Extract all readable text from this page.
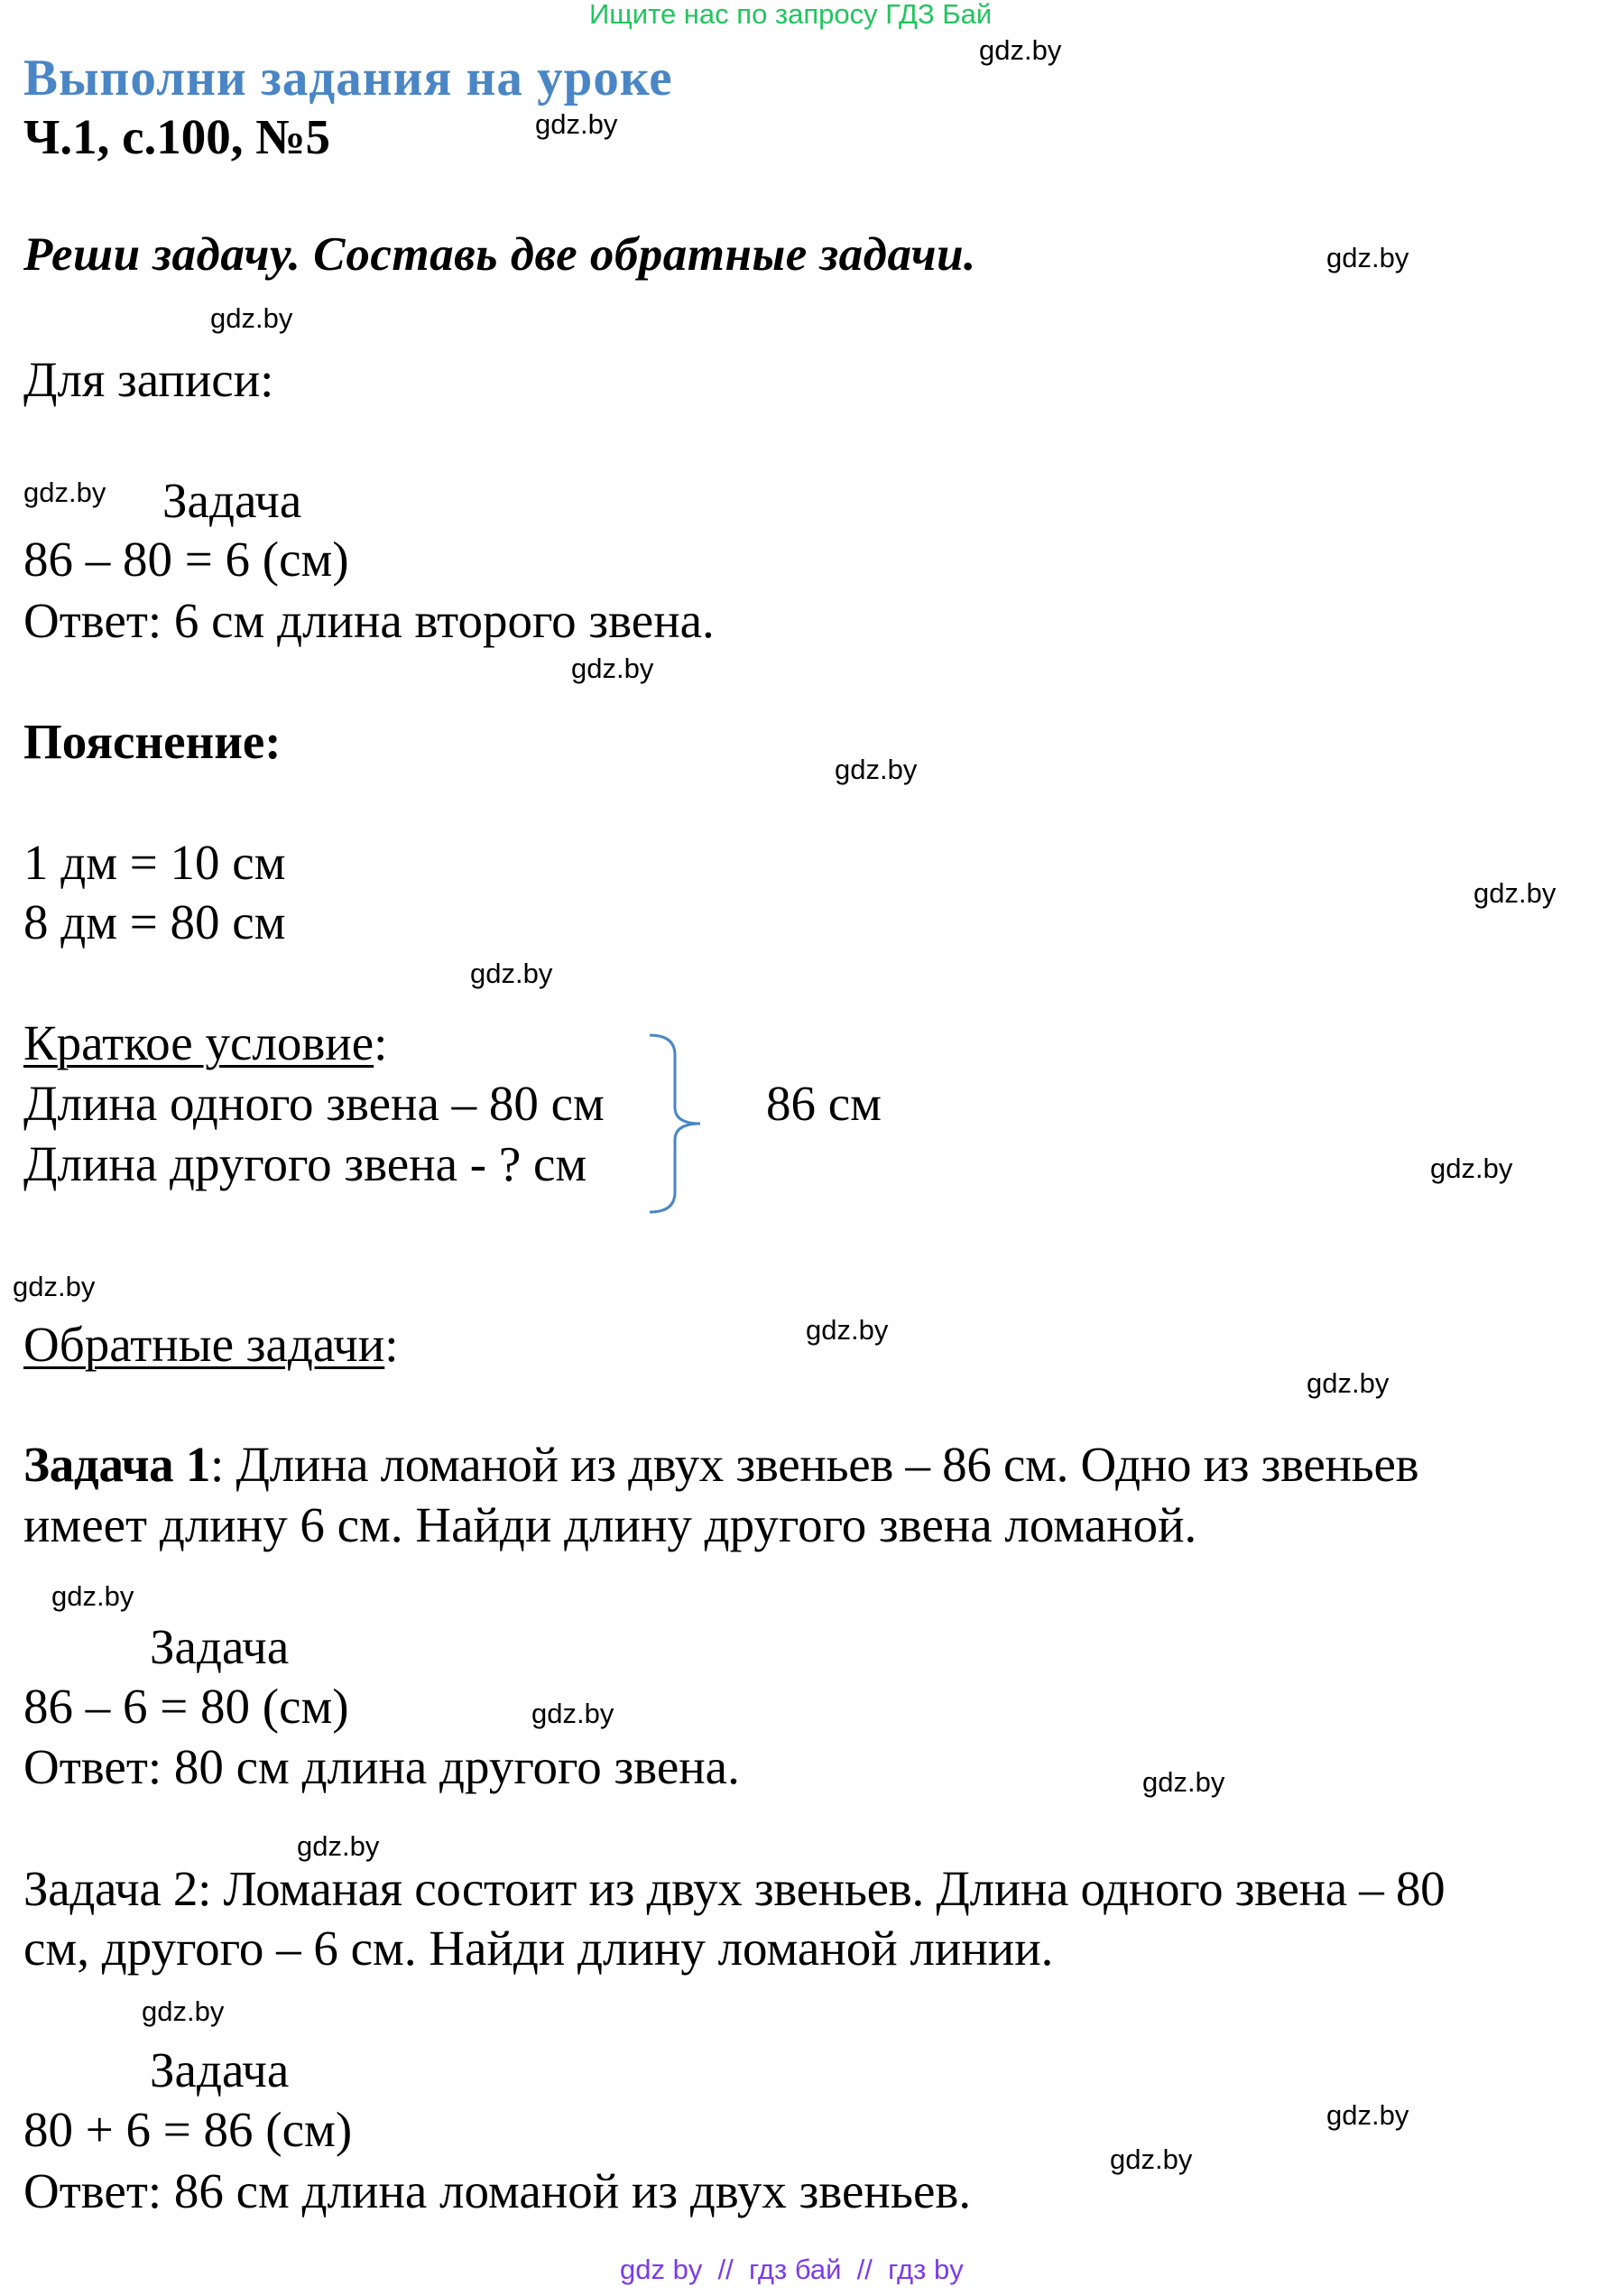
Ищите нас по запросу ГДЗ Бай
Выполни задания на уроке
Ч.1, с.100, №5
Реши задачу. Составь две обратные задачи.
Для записи:
Задача
86 – 80 = 6 (см)
Ответ: 6 см длина второго звена.
Пояснение:
1 дм = 10 см
8 дм = 80 см
Краткое условие:
Длина одного звена – 80 см
Длина другого звена - ? см
86 см
Обратные задачи:
Задача 1: Длина ломаной из двух звеньев – 86 см. Одно из звеньев
имеет длину 6 см. Найди длину другого звена ломаной.
Задача
86 – 6 = 80 (см)
Ответ: 80 см длина другого звена.
Задача 2: Ломаная состоит из двух звеньев. Длина одного звена – 80
см, другого – 6 см. Найди длину ломаной линии.
Задача
80 + 6 = 86 (см)
Ответ: 86 см длина ломаной из двух звеньев.
gdz.by
gdz.by
gdz.by
gdz.by
gdz.by
gdz.by
gdz.by
gdz.by
gdz.by
gdz.by
gdz.by
gdz.by
gdz.by
gdz.by
gdz.by
gdz.by
gdz.by
gdz.by
gdz.by
gdz.by
gdz by  //  гдз бай  //  гдз by
